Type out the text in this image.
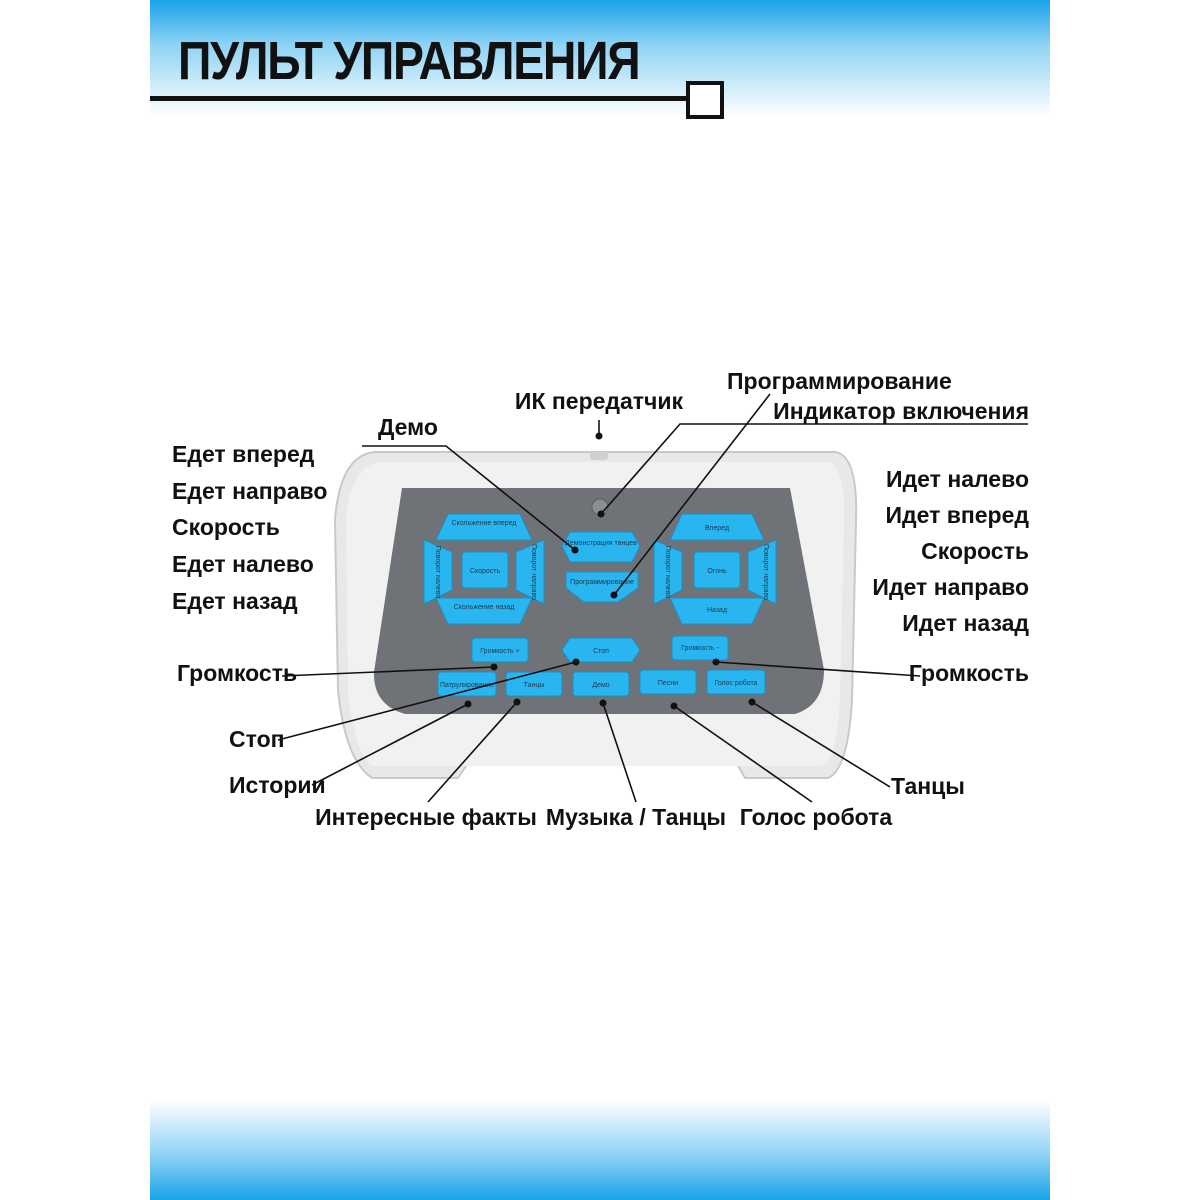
ПУЛЬТ УПРАВЛЕНИЯ
Скольжение вперед
Скольжение назад
Поворот налево	Поворот направо
Скорость
Демонстрация танцев
Программирование
Вперед
Назад
Поворот налево	Поворот направо
Огонь
Громкость +	Стоп	Громкость -
Патрулирование	Танцы	Демо	Песни	Голос робота
ИК передатчик
Программирование
Индикатор включения
Демо
Едет вперед
Едет направо
Скорость
Едет налево
Едет назад
Идет налево
Идет вперед
Скорость
Идет направо
Идет назад
Громкость	Громкость
Стоп
Истории
Интересные факты Музыка / Танцы Голос робота
Танцы
